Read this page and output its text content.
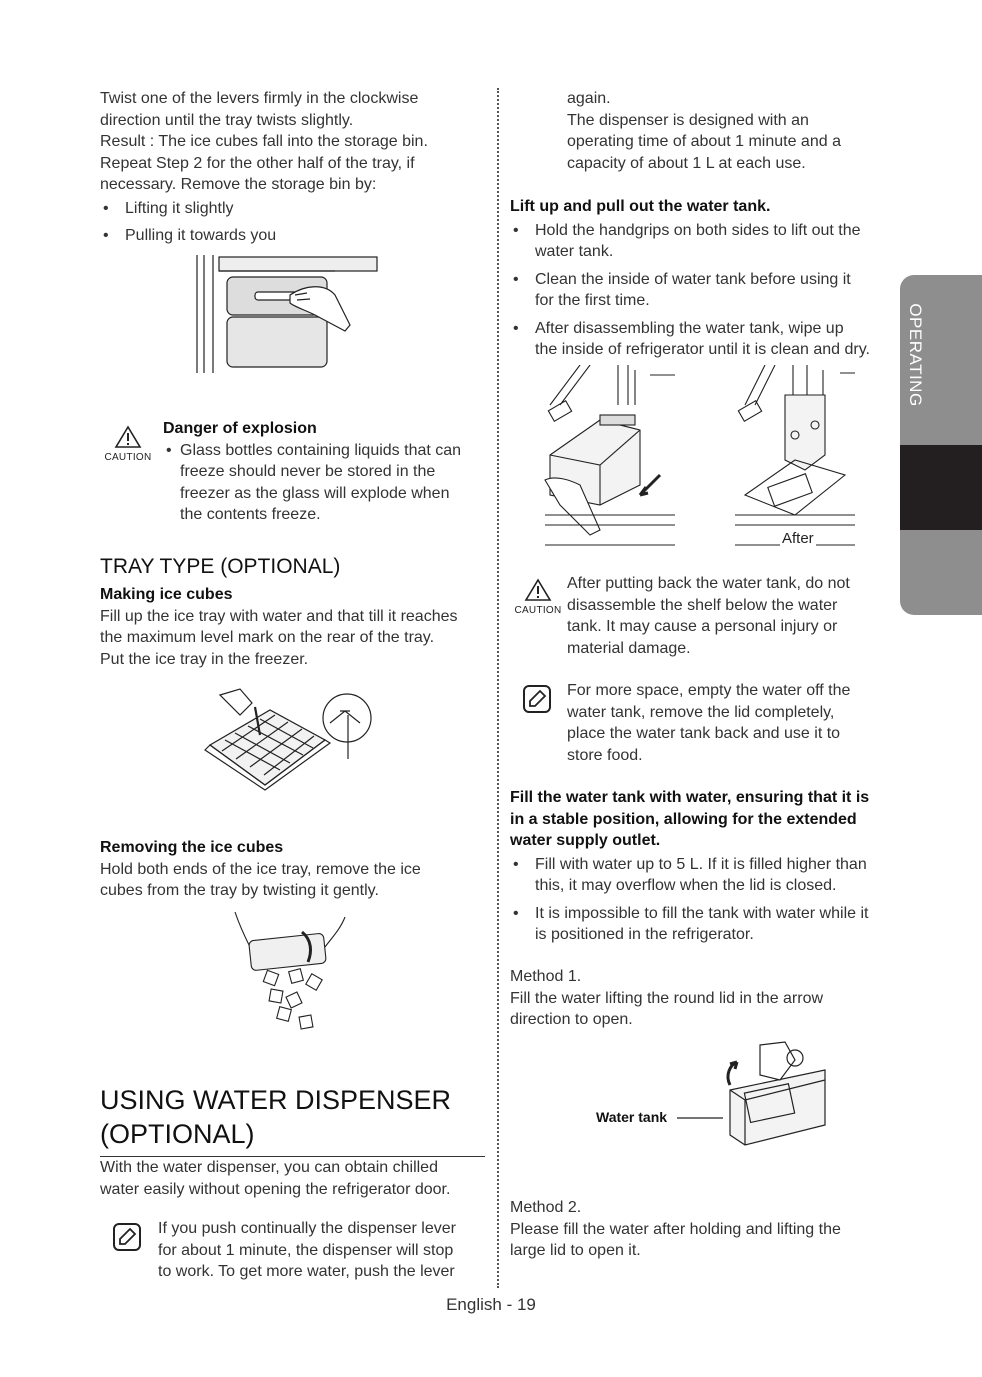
Twist one of the levers firmly in the clockwise
direction until the tray twists slightly.
Result : The ice cubes fall into the storage bin.
Repeat Step 2 for the other half of the tray, if
necessary. Remove the storage bin by:
• Lifting it slightly
• Pulling it towards you
CAUTION
Danger of explosion
• Glass bottles containing liquids that can
freeze should never be stored in the
freezer as the glass will explode when
the contents freeze.
TRAY TYPE (OPTIONAL)
Making ice cubes
Fill up the ice tray with water and that till it reaches
the maximum level mark on the rear of the tray.
Put the ice tray in the freezer.
Removing the ice cubes
Hold both ends of the ice tray, remove the ice
cubes from the tray by twisting it gently.
USING WATER DISPENSER
(OPTIONAL)
With the water dispenser, you can obtain chilled
water easily without opening the refrigerator door.
If you push continually the dispenser lever
for about 1 minute, the dispenser will stop
to work. To get more water, push the lever
again.
The dispenser is designed with an
operating time of about 1 minute and a
capacity of about 1 L at each use.
Lift up and pull out the water tank.
• Hold the handgrips on both sides to lift out the
water tank.
• Clean the inside of water tank before using it
for the first time.
• After disassembling the water tank, wipe up
the inside of refrigerator until it is clean and dry.
After
CAUTION
After putting back the water tank, do not
disassemble the shelf below the water
tank. It may cause a personal injury or
material damage.
For more space, empty the water off the
water tank, remove the lid completely,
place the water tank back and use it to
store food.
Fill the water tank with water, ensuring that it is
in a stable position, allowing for the extended
water supply outlet.
• Fill with water up to 5 L. If it is filled higher than
this, it may overflow when the lid is closed.
• It is impossible to fill the tank with water while it
is positioned in the refrigerator.
Method 1.
Fill the water lifting the round lid in the arrow
direction to open.
Water tank
Method 2.
Please fill the water after holding and lifting the
large lid to open it.
OPERATING
English - 19
